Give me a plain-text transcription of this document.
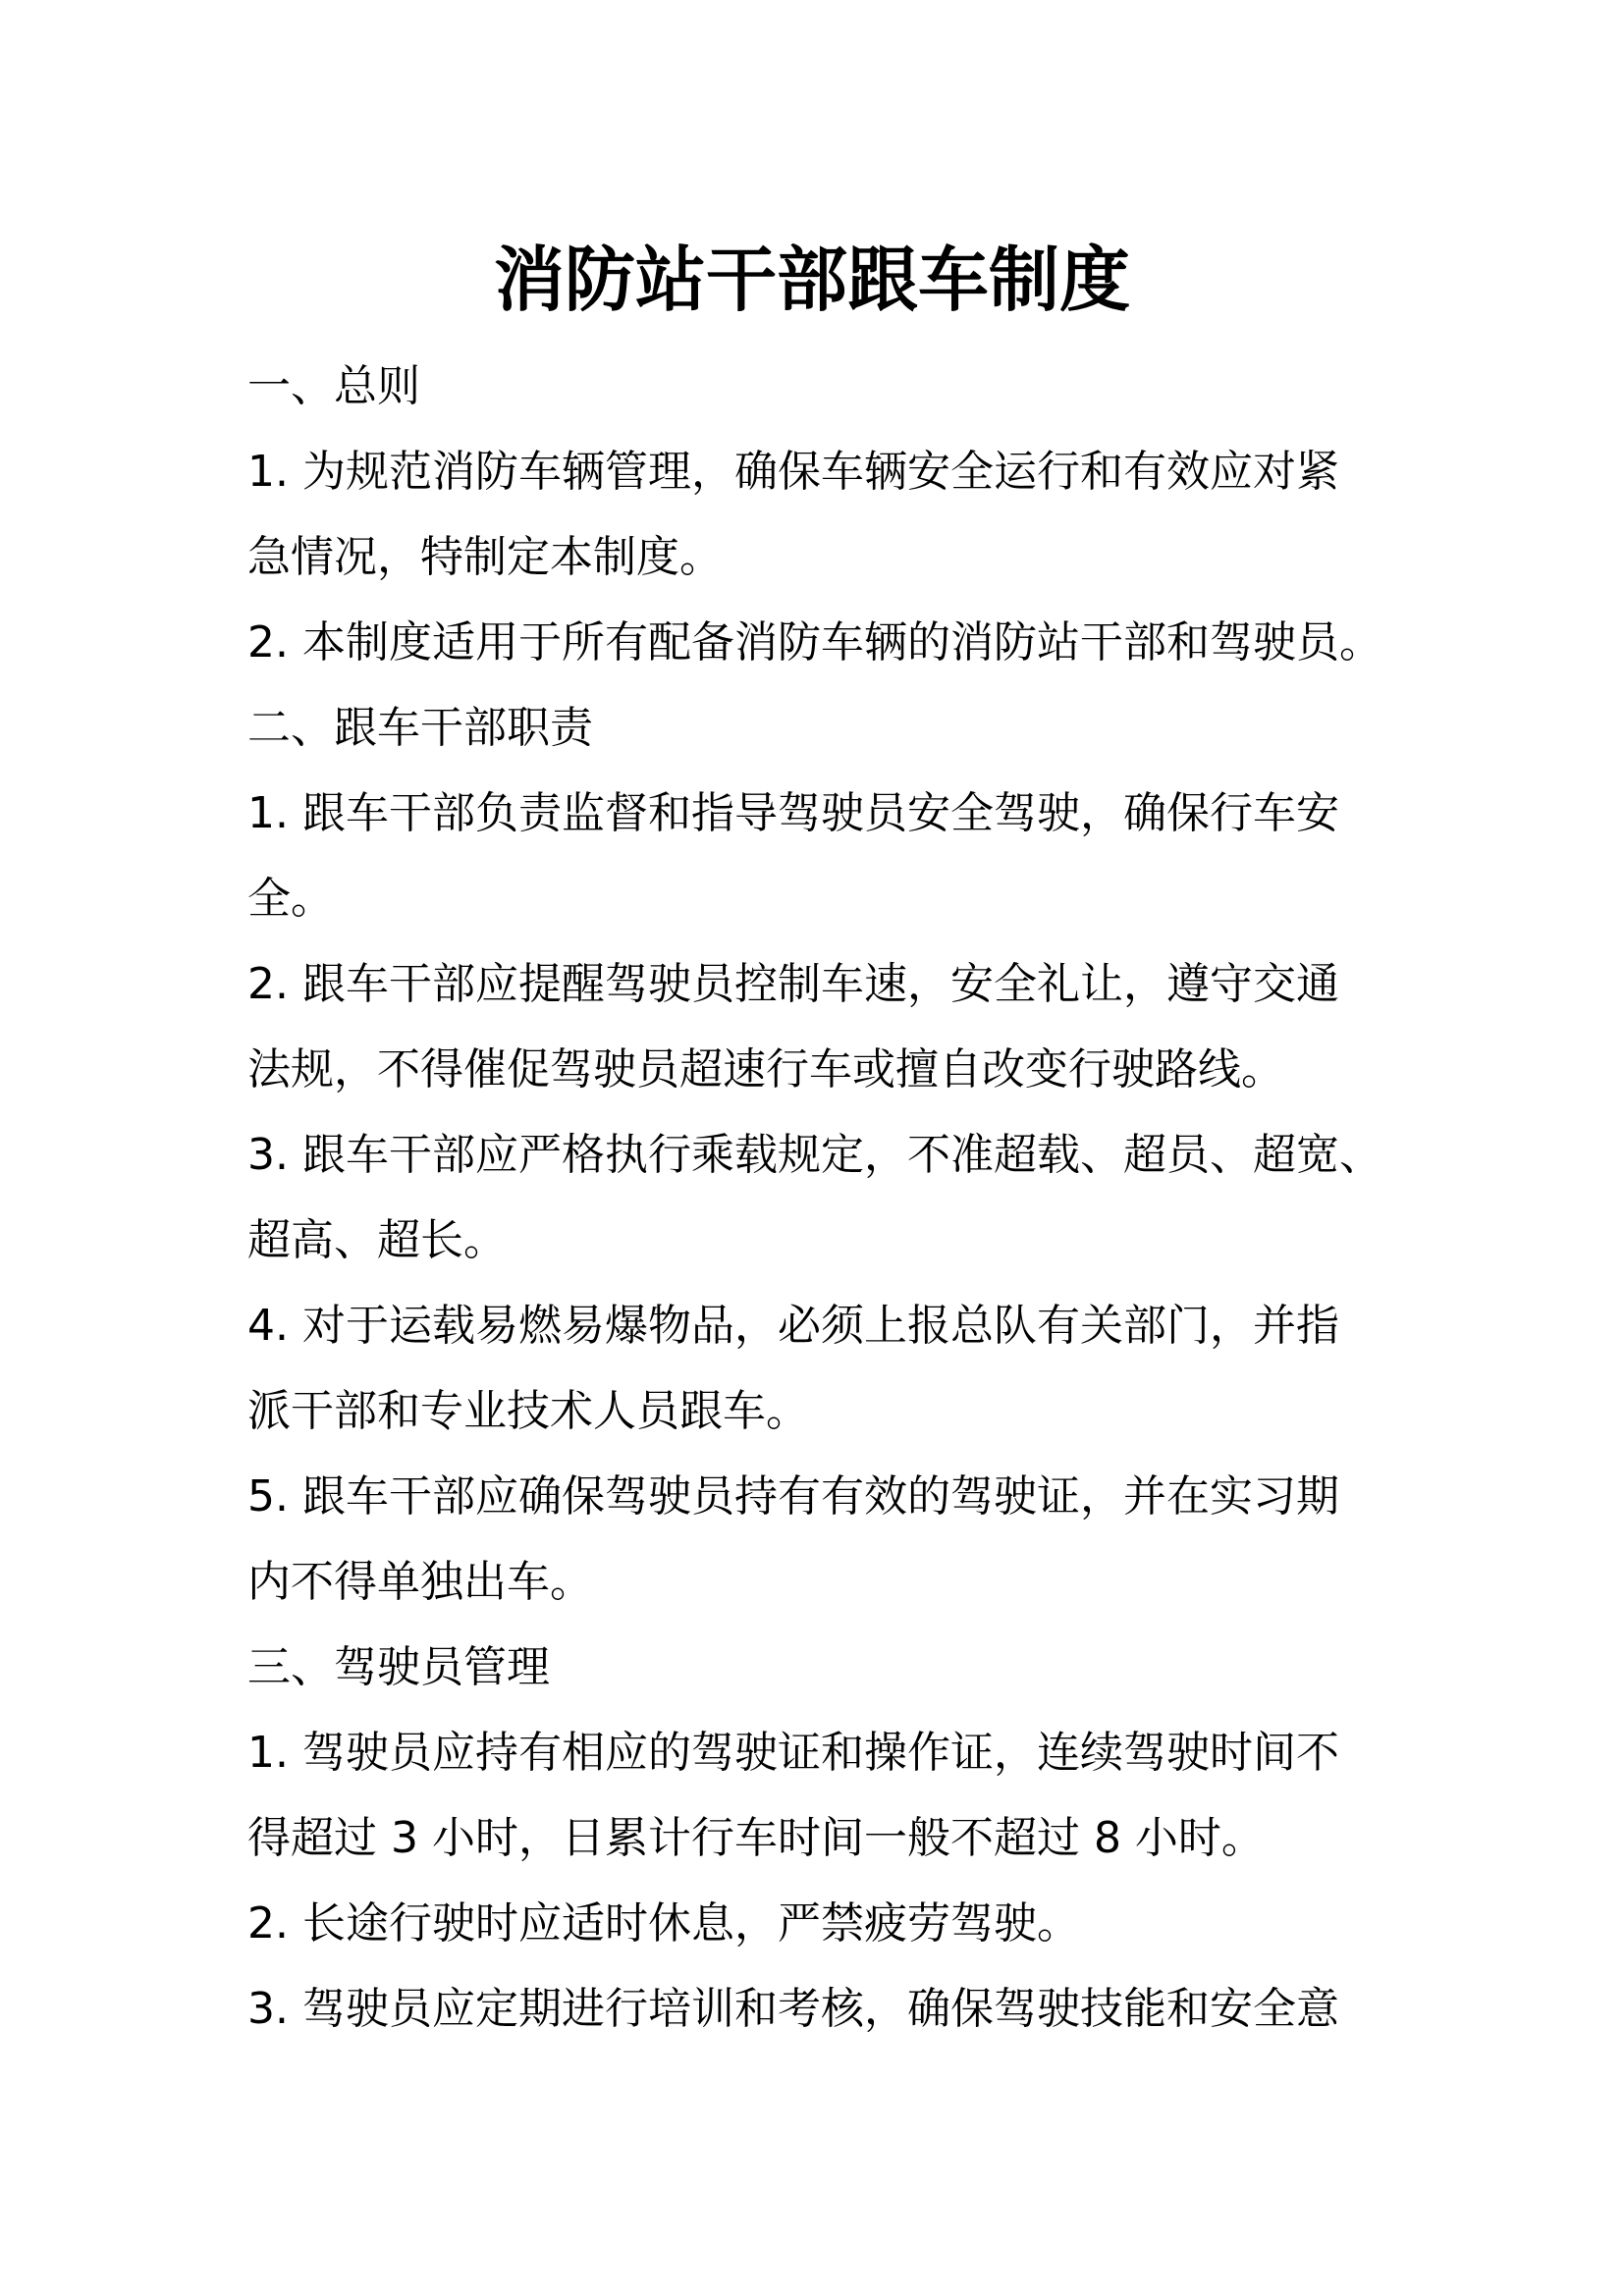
消防站干部跟车制度
一、总则
1. 为规范消防车辆管理，确保车辆安全运行和有效应对紧
急情况，特制定本制度。
2. 本制度适用于所有配备消防车辆的消防站干部和驾驶员。
二、跟车干部职责
1. 跟车干部负责监督和指导驾驶员安全驾驶，确保行车安
全。
2. 跟车干部应提醒驾驶员控制车速，安全礼让，遵守交通
法规，不得催促驾驶员超速行车或擅自改变行驶路线。
3. 跟车干部应严格执行乘载规定，不准超载、超员、超宽、
超高、超长。
4. 对于运载易燃易爆物品，必须上报总队有关部门，并指
派干部和专业技术人员跟车。
5. 跟车干部应确保驾驶员持有有效的驾驶证，并在实习期
内不得单独出车。
三、驾驶员管理
1. 驾驶员应持有相应的驾驶证和操作证，连续驾驶时间不
得超过 3 小时，日累计行车时间一般不超过 8 小时。
2. 长途行驶时应适时休息，严禁疲劳驾驶。
3. 驾驶员应定期进行培训和考核，确保驾驶技能和安全意
